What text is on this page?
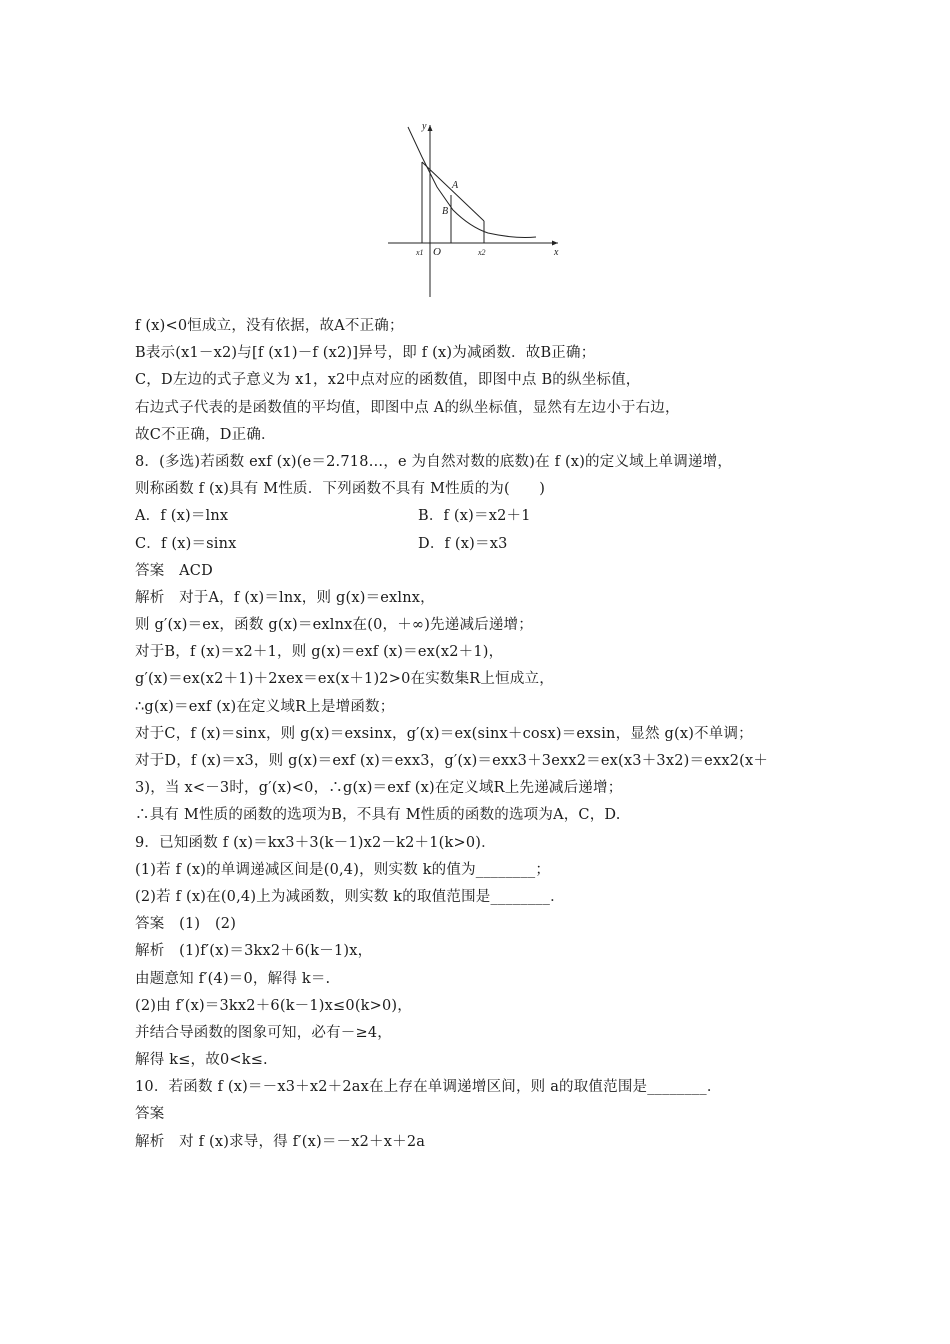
y
x
O
A
B
x1	x2
f (x)<0恒成立，没有依据，故A不正确；
B表示(x1－x2)与[f (x1)－f (x2)]异号，即 f (x)为减函数．故B正确；
C，D左边的式子意义为 x1，x2中点对应的函数值，即图中点 B的纵坐标值，
右边式子代表的是函数值的平均值，即图中点 A的纵坐标值，显然有左边小于右边，
故C不正确，D正确．
8．(多选)若函数 exf (x)(e＝2.718…，e 为自然对数的底数)在 f (x)的定义域上单调递增，
则称函数 f (x)具有 M性质．下列函数不具有 M性质的为(　　)
A．f (x)＝lnx	B．f (x)＝x2＋1
C．f (x)＝sinx	D．f (x)＝x3
答案　ACD
解析　对于A，f (x)＝lnx，则 g(x)＝exlnx，
则 g′(x)＝ex，函数 g(x)＝exlnx在(0，＋∞)先递减后递增；
对于B，f (x)＝x2＋1，则 g(x)＝exf (x)＝ex(x2＋1)，
g′(x)＝ex(x2＋1)＋2xex＝ex(x＋1)2>0在实数集R上恒成立，
∴g(x)＝exf (x)在定义域R上是增函数；
对于C，f (x)＝sinx，则 g(x)＝exsinx，g′(x)＝ex(sinx＋cosx)＝exsin，显然 g(x)不单调；
对于D，f (x)＝x3，则 g(x)＝exf (x)＝exx3，g′(x)＝exx3＋3exx2＝ex(x3＋3x2)＝exx2(x＋
3)，当 x<－3时，g′(x)<0，∴g(x)＝exf (x)在定义域R上先递减后递增；
∴具有 M性质的函数的选项为B，不具有 M性质的函数的选项为A，C，D.
9．已知函数 f (x)＝kx3＋3(k－1)x2－k2＋1(k>0)．
(1)若 f (x)的单调递减区间是(0,4)，则实数 k的值为________；
(2)若 f (x)在(0,4)上为减函数，则实数 k的取值范围是________．
答案　(1)　(2)
解析　(1)f′(x)＝3kx2＋6(k－1)x，
由题意知 f′(4)＝0，解得 k＝.
(2)由 f′(x)＝3kx2＋6(k－1)x≤0(k>0)，
并结合导函数的图象可知，必有－≥4，
解得 k≤，故0<k≤.
10．若函数 f (x)＝－x3＋x2＋2ax在上存在单调递增区间，则 a的取值范围是________．
答案
解析　对 f (x)求导，得 f′(x)＝－x2＋x＋2a
